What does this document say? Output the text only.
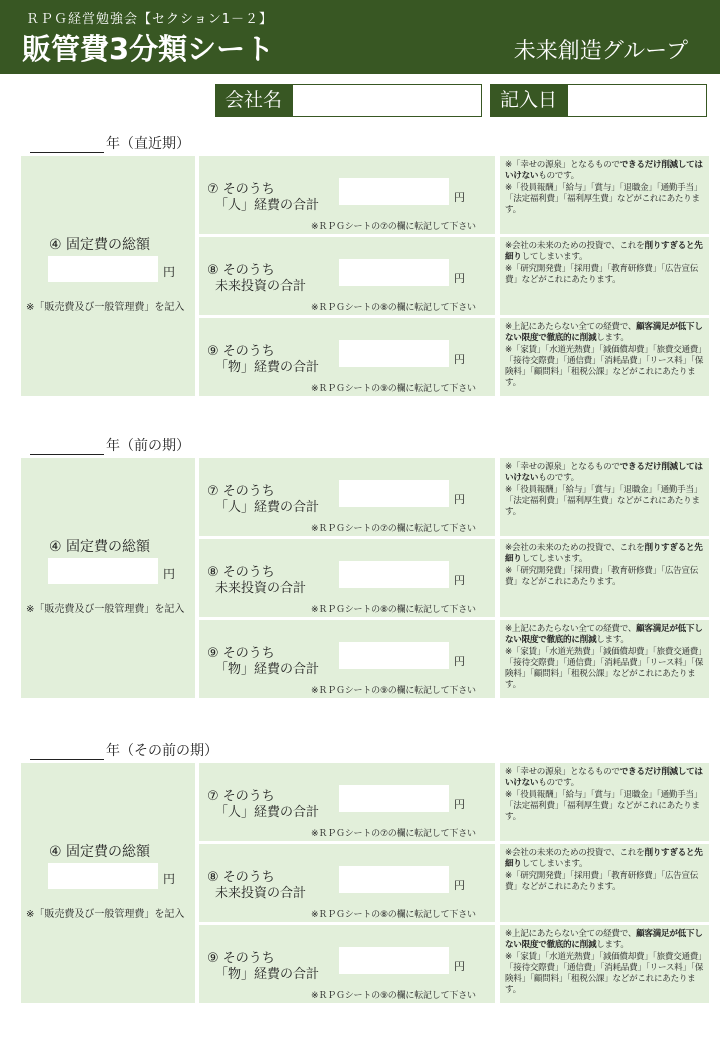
ＲＰＧ経営勉強会【セクション1－２】
販管費3分類シート	未来創造グループ
会社名	記入日
年（直近期）
④ 固定費の総額
円
※「販売費及び一般管理費」を記入
⑦ そのうち
「人」経費の合計
円
※ＲＰＧシートの⑦の欄に転記して下さい
⑧ そのうち
未来投資の合計
円
※ＲＰＧシートの⑧の欄に転記して下さい
⑨ そのうち
「物」経費の合計
円
※ＲＰＧシートの⑨の欄に転記して下さい

※「幸せの源泉」となるものでできるだけ削減してはいけないものです。

※「役員報酬」「給与」「賞与」「退職金」「通勤手当」「法定福利費」「福利厚生費」などがこれにあたります。

※会社の未来のための投資で、これを削りすぎると先細りしてしまいます。

※「研究開発費」「採用費」「教育研修費」「広告宣伝費」などがこれにあたります。

※上記にあたらない全ての経費で、顧客満足が低下しない限度で徹底的に削減します。

※「家賃」「水道光熱費」「減価償却費」「旅費交通費」「接待交際費」「通信費」「消耗品費」「リース料」「保険料」「顧問料」「租税公課」などがこれにあたります。

年（前の期）
④ 固定費の総額
円
※「販売費及び一般管理費」を記入
⑦ そのうち
「人」経費の合計
円
※ＲＰＧシートの⑦の欄に転記して下さい
⑧ そのうち
未来投資の合計
円
※ＲＰＧシートの⑧の欄に転記して下さい
⑨ そのうち
「物」経費の合計
円
※ＲＰＧシートの⑨の欄に転記して下さい

※「幸せの源泉」となるものでできるだけ削減してはいけないものです。

※「役員報酬」「給与」「賞与」「退職金」「通勤手当」「法定福利費」「福利厚生費」などがこれにあたります。

※会社の未来のための投資で、これを削りすぎると先細りしてしまいます。

※「研究開発費」「採用費」「教育研修費」「広告宣伝費」などがこれにあたります。

※上記にあたらない全ての経費で、顧客満足が低下しない限度で徹底的に削減します。

※「家賃」「水道光熱費」「減価償却費」「旅費交通費」「接待交際費」「通信費」「消耗品費」「リース料」「保険料」「顧問料」「租税公課」などがこれにあたります。

年（その前の期）
④ 固定費の総額
円
※「販売費及び一般管理費」を記入
⑦ そのうち
「人」経費の合計
円
※ＲＰＧシートの⑦の欄に転記して下さい
⑧ そのうち
未来投資の合計
円
※ＲＰＧシートの⑧の欄に転記して下さい
⑨ そのうち
「物」経費の合計
円
※ＲＰＧシートの⑨の欄に転記して下さい

※「幸せの源泉」となるものでできるだけ削減してはいけないものです。

※「役員報酬」「給与」「賞与」「退職金」「通勤手当」「法定福利費」「福利厚生費」などがこれにあたります。

※会社の未来のための投資で、これを削りすぎると先細りしてしまいます。

※「研究開発費」「採用費」「教育研修費」「広告宣伝費」などがこれにあたります。

※上記にあたらない全ての経費で、顧客満足が低下しない限度で徹底的に削減します。

※「家賃」「水道光熱費」「減価償却費」「旅費交通費」「接待交際費」「通信費」「消耗品費」「リース料」「保険料」「顧問料」「租税公課」などがこれにあたります。
